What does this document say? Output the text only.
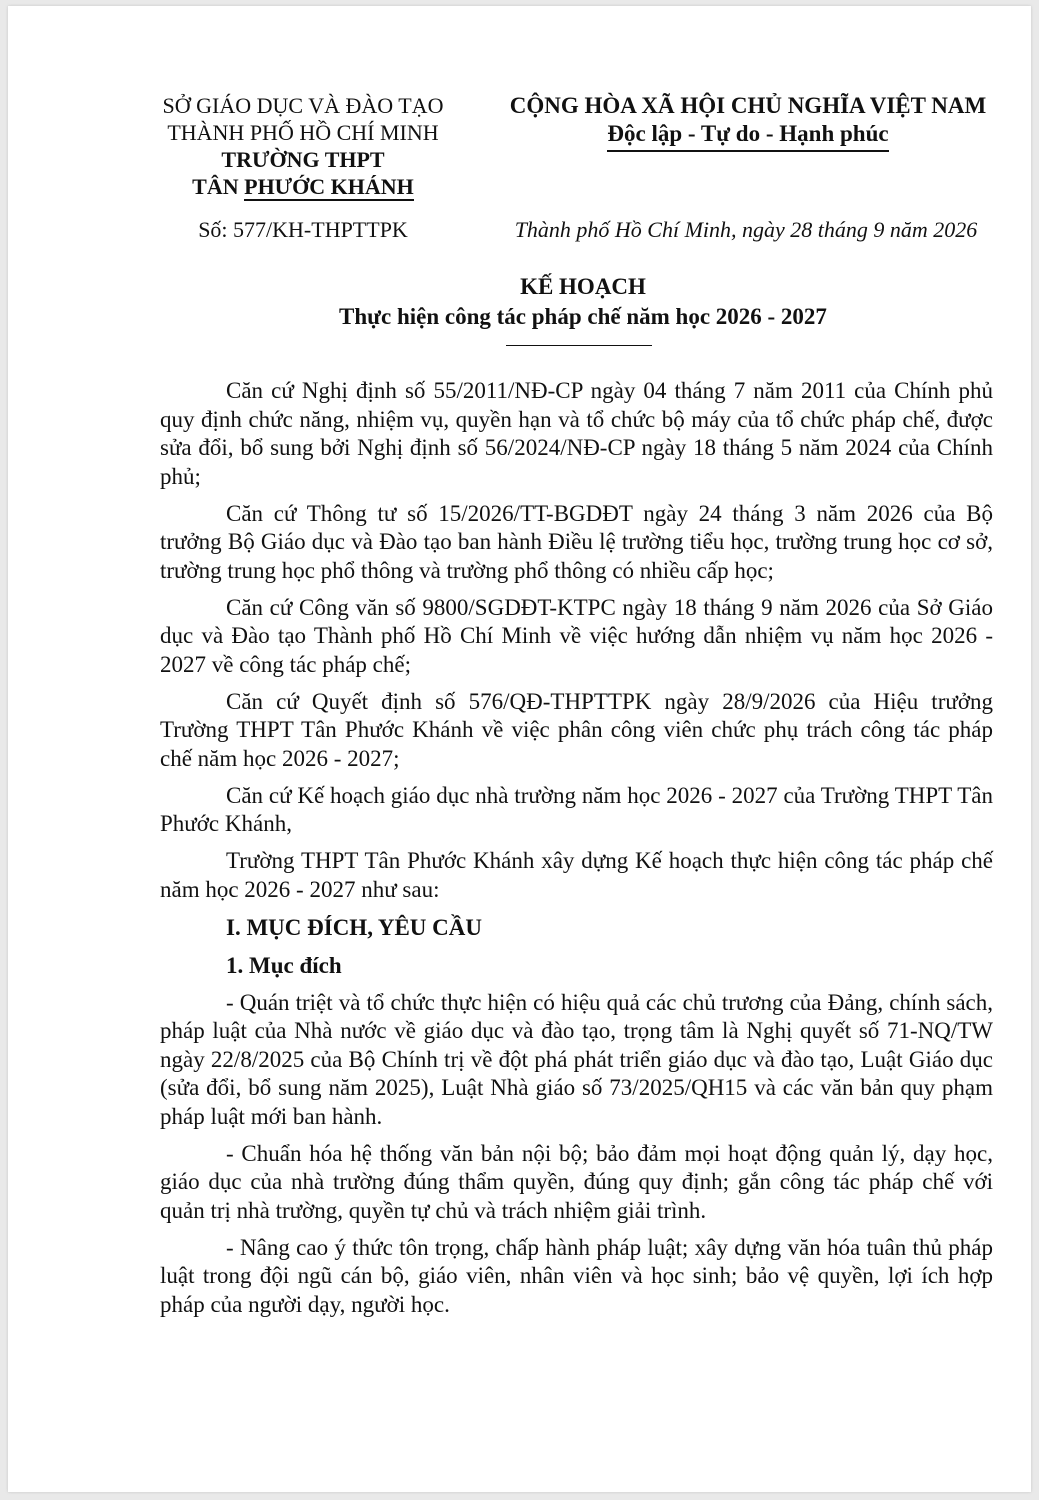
SỞ GIÁO DỤC VÀ ĐÀO TẠO
THÀNH PHỐ HỒ CHÍ MINH
TRƯỜNG THPT
TÂN PHƯỚC KHÁNH
CỘNG HÒA XÃ HỘI CHỦ NGHĨA VIỆT NAM
Độc lập - Tự do - Hạnh phúc
Số: 577/KH-THPTTPK	Thành phố Hồ Chí Minh, ngày 28 tháng 9 năm 2026
KẾ HOẠCH
Thực hiện công tác pháp chế năm học 2026 - 2027

Căn cứ Nghị định số 55/2011/NĐ-CP ngày 04 tháng 7 năm 2011 của Chính phủ quy định chức năng, nhiệm vụ, quyền hạn và tổ chức bộ máy của tổ chức pháp chế, được sửa đổi, bổ sung bởi Nghị định số 56/2024/NĐ-CP ngày 18 tháng 5 năm 2024 của Chính phủ;

Căn cứ Thông tư số 15/2026/TT-BGDĐT ngày 24 tháng 3 năm 2026 của Bộ trưởng Bộ Giáo dục và Đào tạo ban hành Điều lệ trường tiểu học, trường trung học cơ sở, trường trung học phổ thông và trường phổ thông có nhiều cấp học;

Căn cứ Công văn số 9800/SGDĐT-KTPC ngày 18 tháng 9 năm 2026 của Sở Giáo dục và Đào tạo Thành phố Hồ Chí Minh về việc hướng dẫn nhiệm vụ năm học 2026 - 2027 về công tác pháp chế;

Căn cứ Quyết định số 576/QĐ-THPTTPK ngày 28/9/2026 của Hiệu trưởng Trường THPT Tân Phước Khánh về việc phân công viên chức phụ trách công tác pháp chế năm học 2026 - 2027;

Căn cứ Kế hoạch giáo dục nhà trường năm học 2026 - 2027 của Trường THPT Tân Phước Khánh,

Trường THPT Tân Phước Khánh xây dựng Kế hoạch thực hiện công tác pháp chế năm học 2026 - 2027 như sau:

I. MỤC ĐÍCH, YÊU CẦU
1. Mục đích

- Quán triệt và tổ chức thực hiện có hiệu quả các chủ trương của Đảng, chính sách, pháp luật của Nhà nước về giáo dục và đào tạo, trọng tâm là Nghị quyết số 71-NQ/TW ngày 22/8/2025 của Bộ Chính trị về đột phá phát triển giáo dục và đào tạo, Luật Giáo dục (sửa đổi, bổ sung năm 2025), Luật Nhà giáo số 73/2025/QH15 và các văn bản quy phạm pháp luật mới ban hành.

- Chuẩn hóa hệ thống văn bản nội bộ; bảo đảm mọi hoạt động quản lý, dạy học, giáo dục của nhà trường đúng thẩm quyền, đúng quy định; gắn công tác pháp chế với quản trị nhà trường, quyền tự chủ và trách nhiệm giải trình.

- Nâng cao ý thức tôn trọng, chấp hành pháp luật; xây dựng văn hóa tuân thủ pháp luật trong đội ngũ cán bộ, giáo viên, nhân viên và học sinh; bảo vệ quyền, lợi ích hợp pháp của người dạy, người học.
